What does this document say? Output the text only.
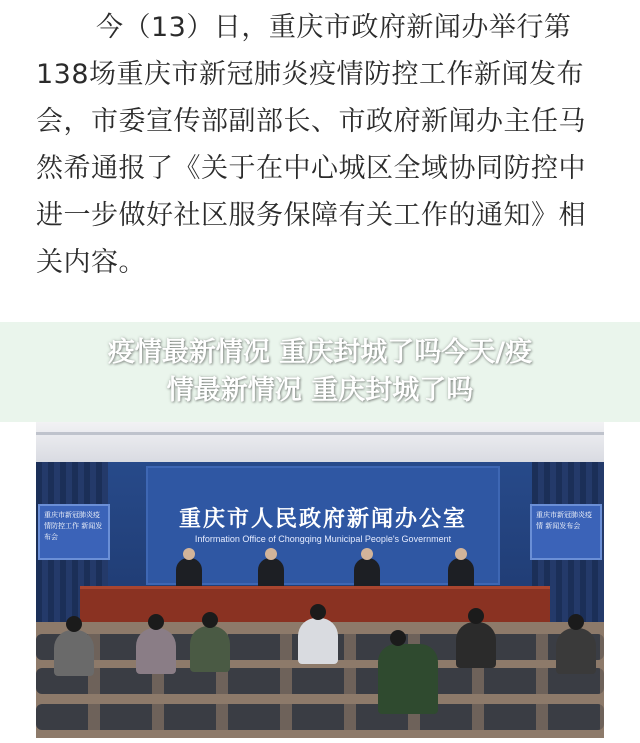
今（13）日，重庆市政府新闻办举行第

138场重庆市新冠肺炎疫情防控工作新闻发布

会，市委宣传部副部长、市政府新闻办主任马

然希通报了《关于在中心城区全域协同防控中

进一步做好社区服务保障有关工作的通知》相

关内容。

疫情最新情况 重庆封城了吗今天/疫
情最新情况 重庆封城了吗
重庆市人民政府新闻办公室
Information Office of Chongqing Municipal People's Government
重庆市新冠肺炎疫情防控工作 新闻发布会
重庆市新冠肺炎疫情 新闻发布会
